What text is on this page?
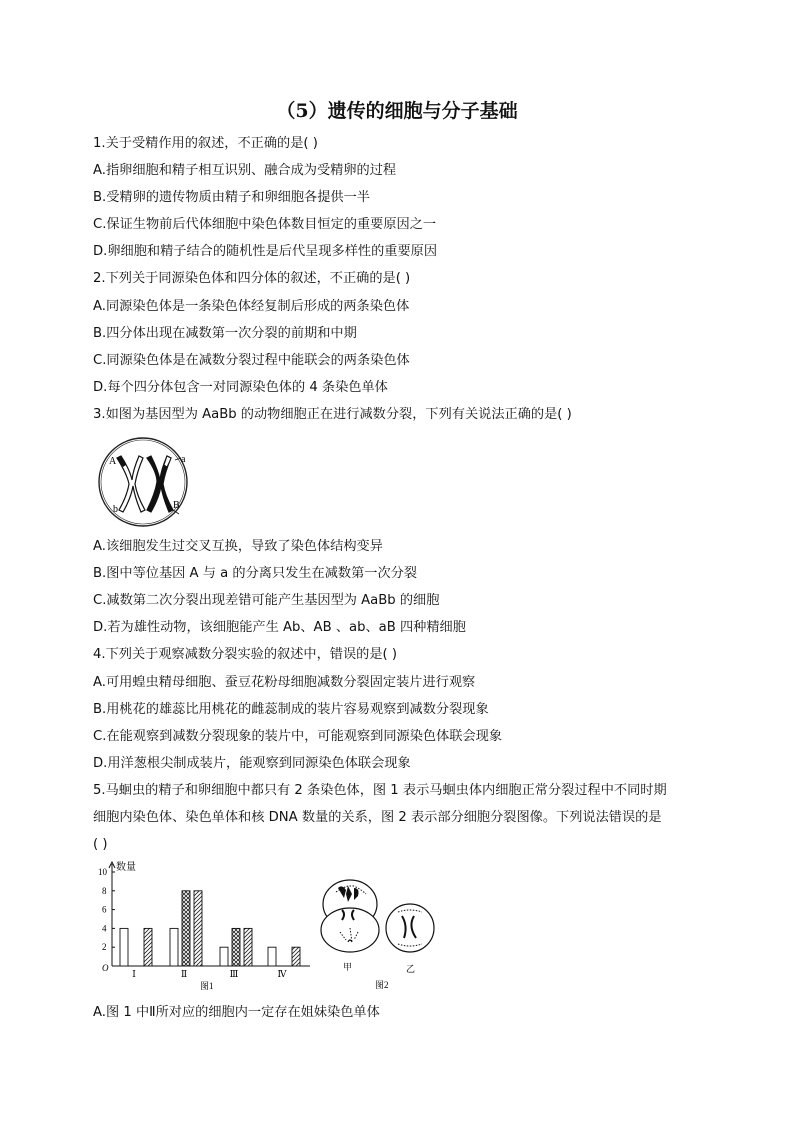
（5）遗传的细胞与分子基础
1.关于受精作用的叙述，不正确的是( )
A.指卵细胞和精子相互识别、融合成为受精卵的过程
B.受精卵的遗传物质由精子和卵细胞各提供一半
C.保证生物前后代体细胞中染色体数目恒定的重要原因之一
D.卵细胞和精子结合的随机性是后代呈现多样性的重要原因
2.下列关于同源染色体和四分体的叙述，不正确的是( )
A.同源染色体是一条染色体经复制后形成的两条染色体
B.四分体出现在减数第一次分裂的前期和中期
C.同源染色体是在减数分裂过程中能联会的两条染色体
D.每个四分体包含一对同源染色体的 4 条染色单体
3.如图为基因型为 AaBb 的动物细胞正在进行减数分裂，下列有关说法正确的是( )
A	a
b	B
A.该细胞发生过交叉互换，导致了染色体结构变异
B.图中等位基因 A 与 a 的分离只发生在减数第一次分裂
C.减数第二次分裂出现差错可能产生基因型为 AaBb 的细胞
D.若为雄性动物，该细胞能产生 Ab、AB 、ab、aB 四种精细胞
4.下列关于观察减数分裂实验的叙述中，错误的是( )
A.可用蝗虫精母细胞、蚕豆花粉母细胞减数分裂固定装片进行观察
B.用桃花的雄蕊比用桃花的雌蕊制成的装片容易观察到减数分裂现象
C.在能观察到减数分裂现象的装片中，可能观察到同源染色体联会现象
D.用洋葱根尖制成装片，能观察到同源染色体联会现象
5.马蛔虫的精子和卵细胞中都只有 2 条染色体，图 1 表示马蛔虫体内细胞正常分裂过程中不同时期
细胞内染色体、染色单体和核 DNA 数量的关系，图 2 表示部分细胞分裂图像。下列说法错误的是
( )
数量
O
2
4
6
8
10
Ⅰ	Ⅱ	Ⅲ	Ⅳ
图1
甲	乙
图2
A.图 1 中Ⅱ所对应的细胞内一定存在姐妹染色单体
